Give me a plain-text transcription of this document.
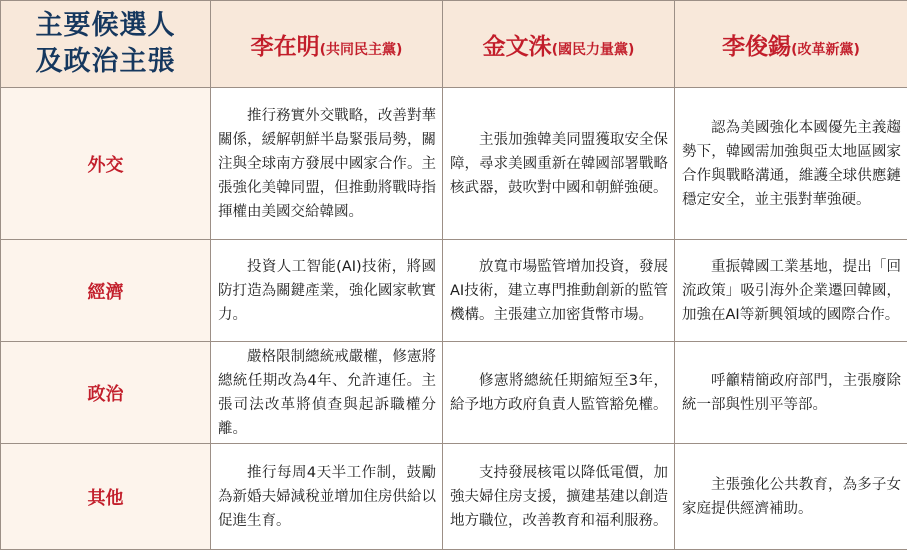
主要候選人
及政治主張	李在明(共同民主黨)	金文洙(國民力量黨)	李俊錫(改革新黨)
外交	推行務實外交戰略，改善對華關係，緩解朝鮮半島緊張局勢，關注與全球南方發展中國家合作。主張強化美韓同盟，但推動將戰時指揮權由美國交給韓國。	主張加強韓美同盟獲取安全保障，尋求美國重新在韓國部署戰略核武器，鼓吹對中國和朝鮮強硬。	認為美國強化本國優先主義趨勢下，韓國需加強與亞太地區國家合作與戰略溝通，維護全球供應鏈穩定安全，並主張對華強硬。

經濟	投資人工智能(AI)技術，將國防打造為關鍵產業，強化國家軟實力。	放寬市場監管增加投資，發展AI技術，建立專門推動創新的監管機構。主張建立加密貨幣市場。	重振韓國工業基地，提出「回流政策」吸引海外企業遷回韓國，加強在AI等新興領域的國際合作。

政治	嚴格限制總統戒嚴權，修憲將總統任期改為4年、允許連任。主張司法改革將偵查與起訴職權分離。	修憲將總統任期縮短至3年，給予地方政府負責人監管豁免權。	呼籲精簡政府部門，主張廢除統一部與性別平等部。

其他	推行每周4天半工作制，鼓勵為新婚夫婦減稅並增加住房供給以促進生育。	支持發展核電以降低電價，加強夫婦住房支援，擴建基建以創造地方職位，改善教育和福利服務。	主張強化公共教育，為多子女家庭提供經濟補助。
